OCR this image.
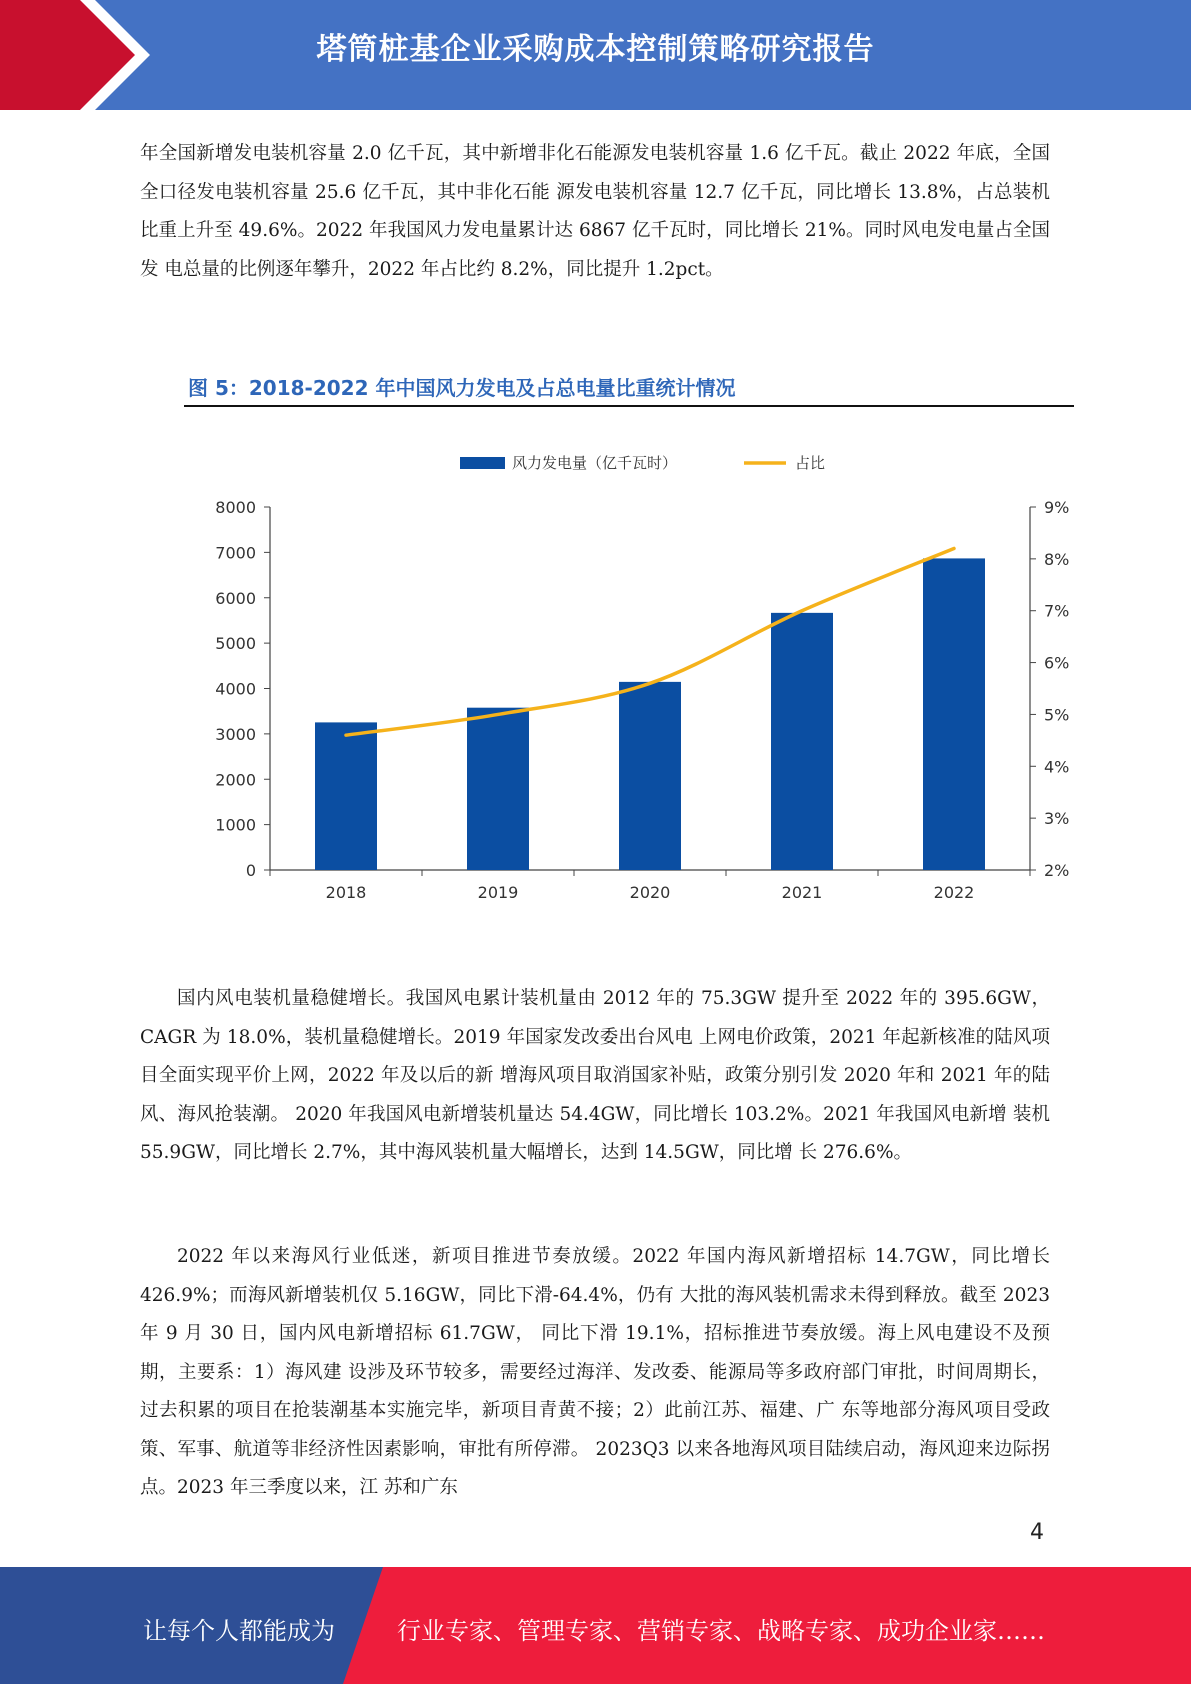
塔筒桩基企业采购成本控制策略研究报告

年全国新增发电装机容量 2.0 亿千瓦，其中新增非化石能源发电装机容量 1.6 亿千瓦。截止 2022 年底，全国全口径发电装机容量 25.6 亿千瓦，其中非化石能 源发电装机容量 12.7 亿千瓦，同比增长 13.8%，占总装机比重上升至 49.6%。2022 年我国风力发电量累计达 6867 亿千瓦时，同比增长 21%。同时风电发电量占全国发 电总量的比例逐年攀升，2022 年占比约 8.2%，同比提升 1.2pct。

图 5：2018-2022 年中国风力发电及占总电量比重统计情况

风力发电量（亿千瓦时）	占比
0
1000
2000
3000
4000
5000
6000
7000
8000
2%
3%
4%
5%
6%
7%
8%
9%
2018	2019	2020	2021	2022

国内风电装机量稳健增长。我国风电累计装机量由 2012 年的 75.3GW 提升至 2022 年的 395.6GW，CAGR 为 18.0%，装机量稳健增长。2019 年国家发改委出台风电 上网电价政策，2021 年起新核准的陆风项目全面实现平价上网，2022 年及以后的新 增海风项目取消国家补贴，政策分别引发 2020 年和 2021 年的陆风、海风抢装潮。 2020 年我国风电新增装机量达 54.4GW，同比增长 103.2%。2021 年我国风电新增 装机 55.9GW，同比增长 2.7%，其中海风装机量大幅增长，达到 14.5GW，同比增 长 276.6%。

2022 年以来海风行业低迷，新项目推进节奏放缓。2022 年国内海风新增招标 14.7GW，同比增长 426.9%；而海风新增装机仅 5.16GW，同比下滑-64.4%，仍有 大批的海风装机需求未得到释放。截至 2023 年 9 月 30 日，国内风电新增招标 61.7GW， 同比下滑 19.1%，招标推进节奏放缓。海上风电建设不及预期，主要系：1）海风建 设涉及环节较多，需要经过海洋、发改委、能源局等多政府部门审批，时间周期长， 过去积累的项目在抢装潮基本实施完毕，新项目青黄不接；2）此前江苏、福建、广 东等地部分海风项目受政策、军事、航道等非经济性因素影响，审批有所停滞。 2023Q3 以来各地海风项目陆续启动，海风迎来边际拐点。2023 年三季度以来，江 苏和广东

4
让每个人都能成为	行业专家、管理专家、营销专家、战略专家、成功企业家……
